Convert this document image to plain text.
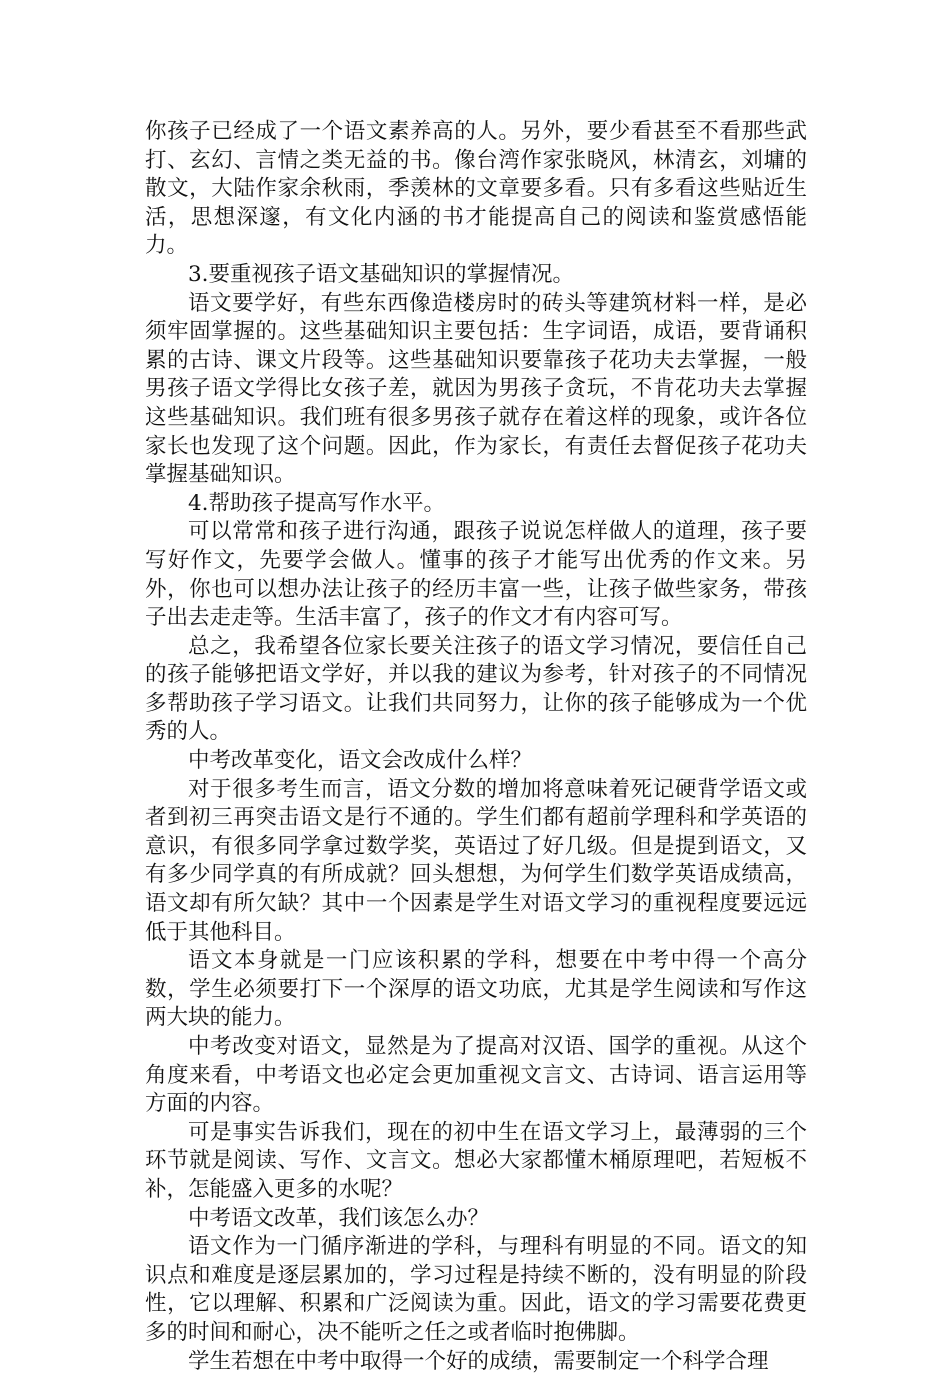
你孩子已经成了一个语文素养高的人。另外，要少看甚至不看那些武打、玄幻、言情之类无益的书。像台湾作家张晓风，林清玄，刘墉的散文，大陆作家余秋雨，季羡林的文章要多看。只有多看这些贴近生活，思想深邃，有文化内涵的书才能提高自己的阅读和鉴赏感悟能力。

3.要重视孩子语文基础知识的掌握情况。

语文要学好，有些东西像造楼房时的砖头等建筑材料一样，是必须牢固掌握的。这些基础知识主要包括：生字词语，成语，要背诵积累的古诗、课文片段等。这些基础知识要靠孩子花功夫去掌握，一般男孩子语文学得比女孩子差，就因为男孩子贪玩，不肯花功夫去掌握这些基础知识。我们班有很多男孩子就存在着这样的现象，或许各位家长也发现了这个问题。因此，作为家长，有责任去督促孩子花功夫掌握基础知识。

4.帮助孩子提高写作水平。

可以常常和孩子进行沟通，跟孩子说说怎样做人的道理，孩子要写好作文，先要学会做人。懂事的孩子才能写出优秀的作文来。另外，你也可以想办法让孩子的经历丰富一些，让孩子做些家务，带孩子出去走走等。生活丰富了，孩子的作文才有内容可写。

总之，我希望各位家长要关注孩子的语文学习情况，要信任自己的孩子能够把语文学好，并以我的建议为参考，针对孩子的不同情况多帮助孩子学习语文。让我们共同努力，让你的孩子能够成为一个优秀的人。

中考改革变化，语文会改成什么样？

对于很多考生而言，语文分数的增加将意味着死记硬背学语文或者到初三再突击语文是行不通的。学生们都有超前学理科和学英语的意识，有很多同学拿过数学奖，英语过了好几级。但是提到语文，又有多少同学真的有所成就？回头想想，为何学生们数学英语成绩高，语文却有所欠缺？其中一个因素是学生对语文学习的重视程度要远远低于其他科目。

语文本身就是一门应该积累的学科，想要在中考中得一个高分数，学生必须要打下一个深厚的语文功底，尤其是学生阅读和写作这两大块的能力。

中考改变对语文，显然是为了提高对汉语、国学的重视。从这个角度来看，中考语文也必定会更加重视文言文、古诗词、语言运用等方面的内容。

可是事实告诉我们，现在的初中生在语文学习上，最薄弱的三个环节就是阅读、写作、文言文。想必大家都懂木桶原理吧，若短板不补，怎能盛入更多的水呢？

中考语文改革，我们该怎么办？

语文作为一门循序渐进的学科，与理科有明显的不同。语文的知识点和难度是逐层累加的，学习过程是持续不断的，没有明显的阶段性，它以理解、积累和广泛阅读为重。因此，语文的学习需要花费更多的时间和耐心，决不能听之任之或者临时抱佛脚。

学生若想在中考中取得一个好的成绩，需要制定一个科学合理
